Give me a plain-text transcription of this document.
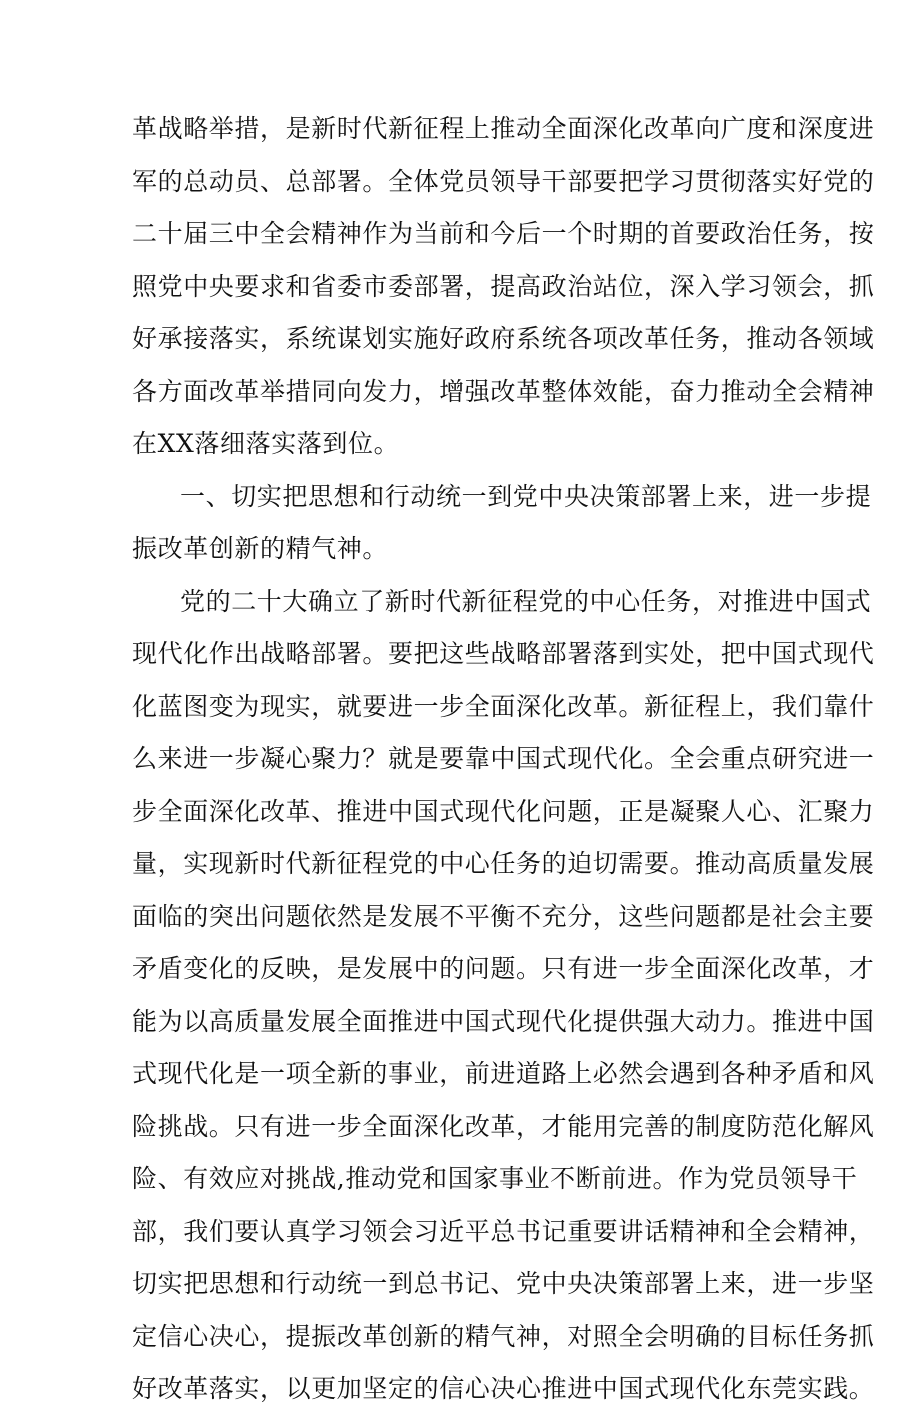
革战略举措，是新时代新征程上推动全面深化改革向广度和深度进
军的总动员、总部署。全体党员领导干部要把学习贯彻落实好党的
二十届三中全会精神作为当前和今后一个时期的首要政治任务，按
照党中央要求和省委市委部署，提高政治站位，深入学习领会，抓
好承接落实，系统谋划实施好政府系统各项改革任务，推动各领域
各方面改革举措同向发力，增强改革整体效能，奋力推动全会精神
在XX落细落实落到位。
一、切实把思想和行动统一到党中央决策部署上来，进一步提
振改革创新的精气神。
党的二十大确立了新时代新征程党的中心任务，对推进中国式
现代化作出战略部署。要把这些战略部署落到实处，把中国式现代
化蓝图变为现实，就要进一步全面深化改革。新征程上，我们靠什
么来进一步凝心聚力？就是要靠中国式现代化。全会重点研究进一
步全面深化改革、推进中国式现代化问题，正是凝聚人心、汇聚力
量，实现新时代新征程党的中心任务的迫切需要。推动高质量发展
面临的突出问题依然是发展不平衡不充分，这些问题都是社会主要
矛盾变化的反映，是发展中的问题。只有进一步全面深化改革，才
能为以高质量发展全面推进中国式现代化提供强大动力。推进中国
式现代化是一项全新的事业，前进道路上必然会遇到各种矛盾和风
险挑战。只有进一步全面深化改革，才能用完善的制度防范化解风
险、有效应对挑战,推动党和国家事业不断前进。作为党员领导干
部，我们要认真学习领会习近平总书记重要讲话精神和全会精神，
切实把思想和行动统一到总书记、党中央决策部署上来，进一步坚
定信心决心，提振改革创新的精气神，对照全会明确的目标任务抓
好改革落实，以更加坚定的信心决心推进中国式现代化东莞实践。
